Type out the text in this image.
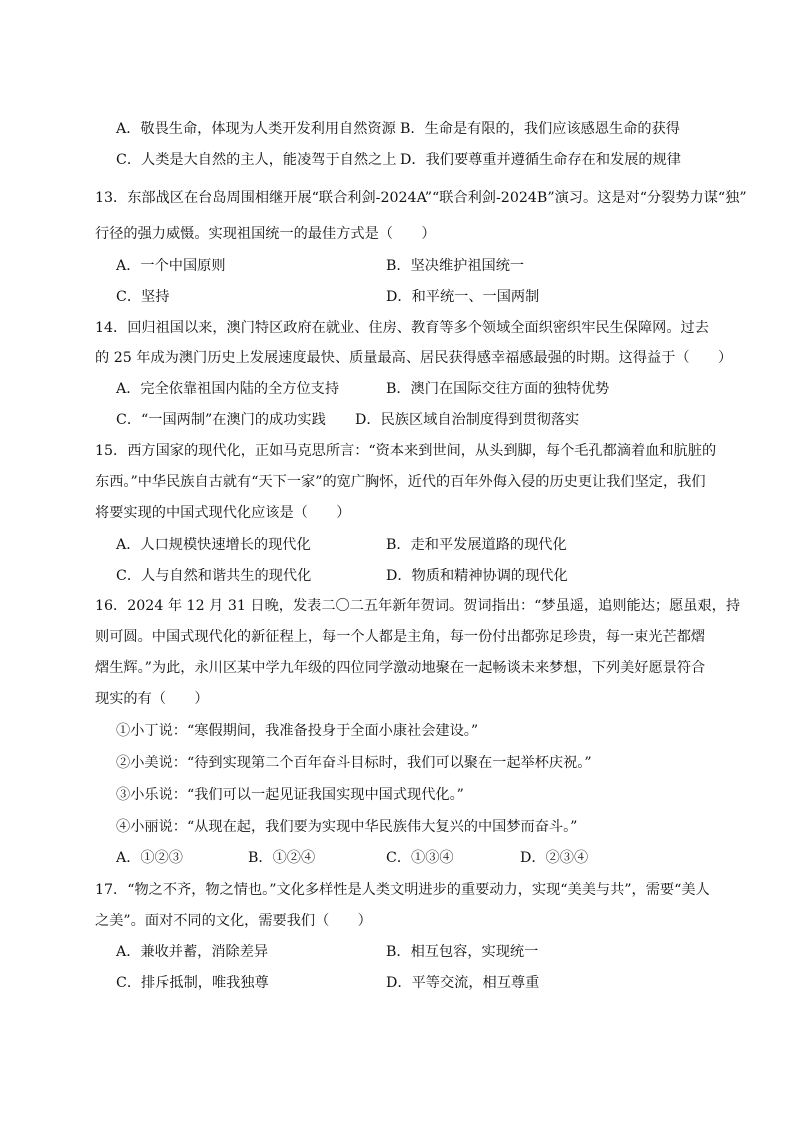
A．敬畏生命，体现为人类开发利用自然资源 B．生命是有限的，我们应该感恩生命的获得
C．人类是大自然的主人，能凌驾于自然之上 D．我们要尊重并遵循生命存在和发展的规律
13．东部战区在台岛周围相继开展“联合利剑-2024A”“联合利剑-2024B”演习。这是对“分裂势力谋“独”
行径的强力威慑。实现祖国统一的最佳方式是（　　）
A．一个中国原则	B．坚决维护祖国统一
C．坚持	D．和平统一、一国两制
14．回归祖国以来，澳门特区政府在就业、住房、教育等多个领域全面织密织牢民生保障网。过去
的 25 年成为澳门历史上发展速度最快、质量最高、居民获得感幸福感最强的时期。这得益于（　　）
A．完全依靠祖国内陆的全方位支持	B．澳门在国际交往方面的独特优势
C．“一国两制”在澳门的成功实践 D．民族区域自治制度得到贯彻落实
15．西方国家的现代化，正如马克思所言：“资本来到世间，从头到脚，每个毛孔都滴着血和肮脏的
东西。”中华民族自古就有“天下一家”的宽广胸怀，近代的百年外侮入侵的历史更让我们坚定，我们
将要实现的中国式现代化应该是（　　）
A．人口规模快速增长的现代化	B．走和平发展道路的现代化
C．人与自然和谐共生的现代化	D．物质和精神协调的现代化
16．2024 年 12 月 31 日晚，发表二〇二五年新年贺词。贺词指出：“梦虽遥，追则能达；愿虽艰，持
则可圆。中国式现代化的新征程上，每一个人都是主角，每一份付出都弥足珍贵，每一束光芒都熠
熠生辉。”为此，永川区某中学九年级的四位同学激动地聚在一起畅谈未来梦想，下列美好愿景符合
现实的有（　　）
①小丁说：“寒假期间，我准备投身于全面小康社会建设。”
②小美说：“待到实现第二个百年奋斗目标时，我们可以聚在一起举杯庆祝。”
③小乐说：“我们可以一起见证我国实现中国式现代化。”
④小丽说：“从现在起，我们要为实现中华民族伟大复兴的中国梦而奋斗。”
A．①②③	B．①②④	C．①③④	D．②③④
17．“物之不齐，物之情也。”文化多样性是人类文明进步的重要动力，实现“美美与共”，需要“美人
之美”。面对不同的文化，需要我们（　　）
A．兼收并蓄，消除差异	B．相互包容，实现统一
C．排斥抵制，唯我独尊	D．平等交流，相互尊重
